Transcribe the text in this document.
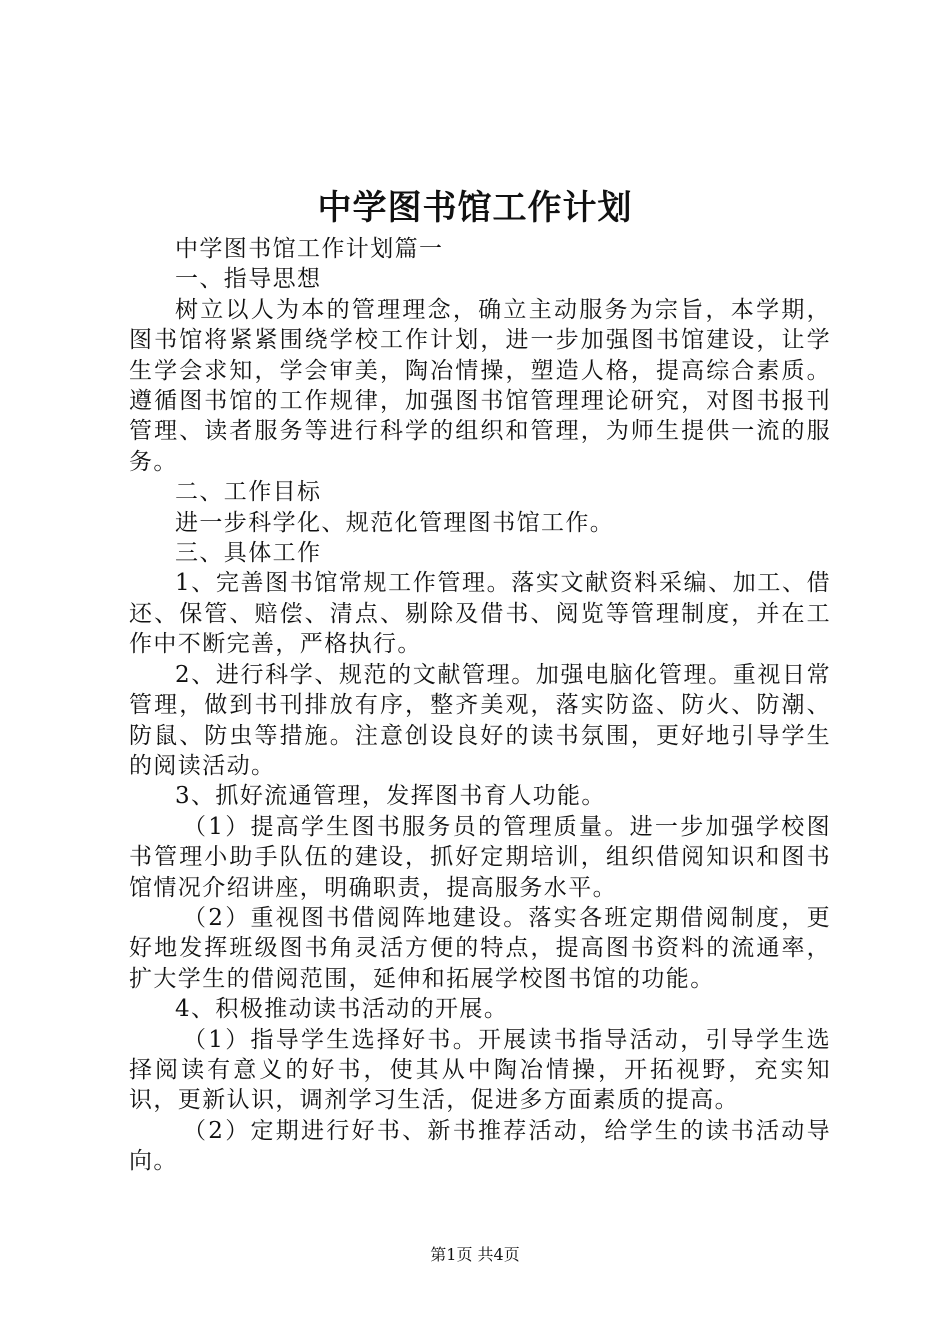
中学图书馆工作计划

中学图书馆工作计划篇一

一、指导思想

树立以人为本的管理理念，确立主动服务为宗旨，本学期，图书馆将紧紧围绕学校工作计划，进一步加强图书馆建设，让学生学会求知，学会审美，陶冶情操，塑造人格，提高综合素质。遵循图书馆的工作规律，加强图书馆管理理论研究，对图书报刊管理、读者服务等进行科学的组织和管理，为师生提供一流的服务。

二、工作目标

进一步科学化、规范化管理图书馆工作。

三、具体工作

1、完善图书馆常规工作管理。落实文献资料采编、加工、借还、保管、赔偿、清点、剔除及借书、阅览等管理制度，并在工作中不断完善，严格执行。

2、进行科学、规范的文献管理。加强电脑化管理。重视日常管理，做到书刊排放有序，整齐美观，落实防盗、防火、防潮、防鼠、防虫等措施。注意创设良好的读书氛围，更好地引导学生的阅读活动。

3、抓好流通管理，发挥图书育人功能。

（1）提高学生图书服务员的管理质量。进一步加强学校图书管理小助手队伍的建设，抓好定期培训，组织借阅知识和图书馆情况介绍讲座，明确职责，提高服务水平。

（2）重视图书借阅阵地建设。落实各班定期借阅制度，更好地发挥班级图书角灵活方便的特点，提高图书资料的流通率，扩大学生的借阅范围，延伸和拓展学校图书馆的功能。

4、积极推动读书活动的开展。

（1）指导学生选择好书。开展读书指导活动，引导学生选择阅读有意义的好书，使其从中陶冶情操，开拓视野，充实知识，更新认识，调剂学习生活，促进多方面素质的提高。

（2）定期进行好书、新书推荐活动，给学生的读书活动导向。

第1页 共4页
